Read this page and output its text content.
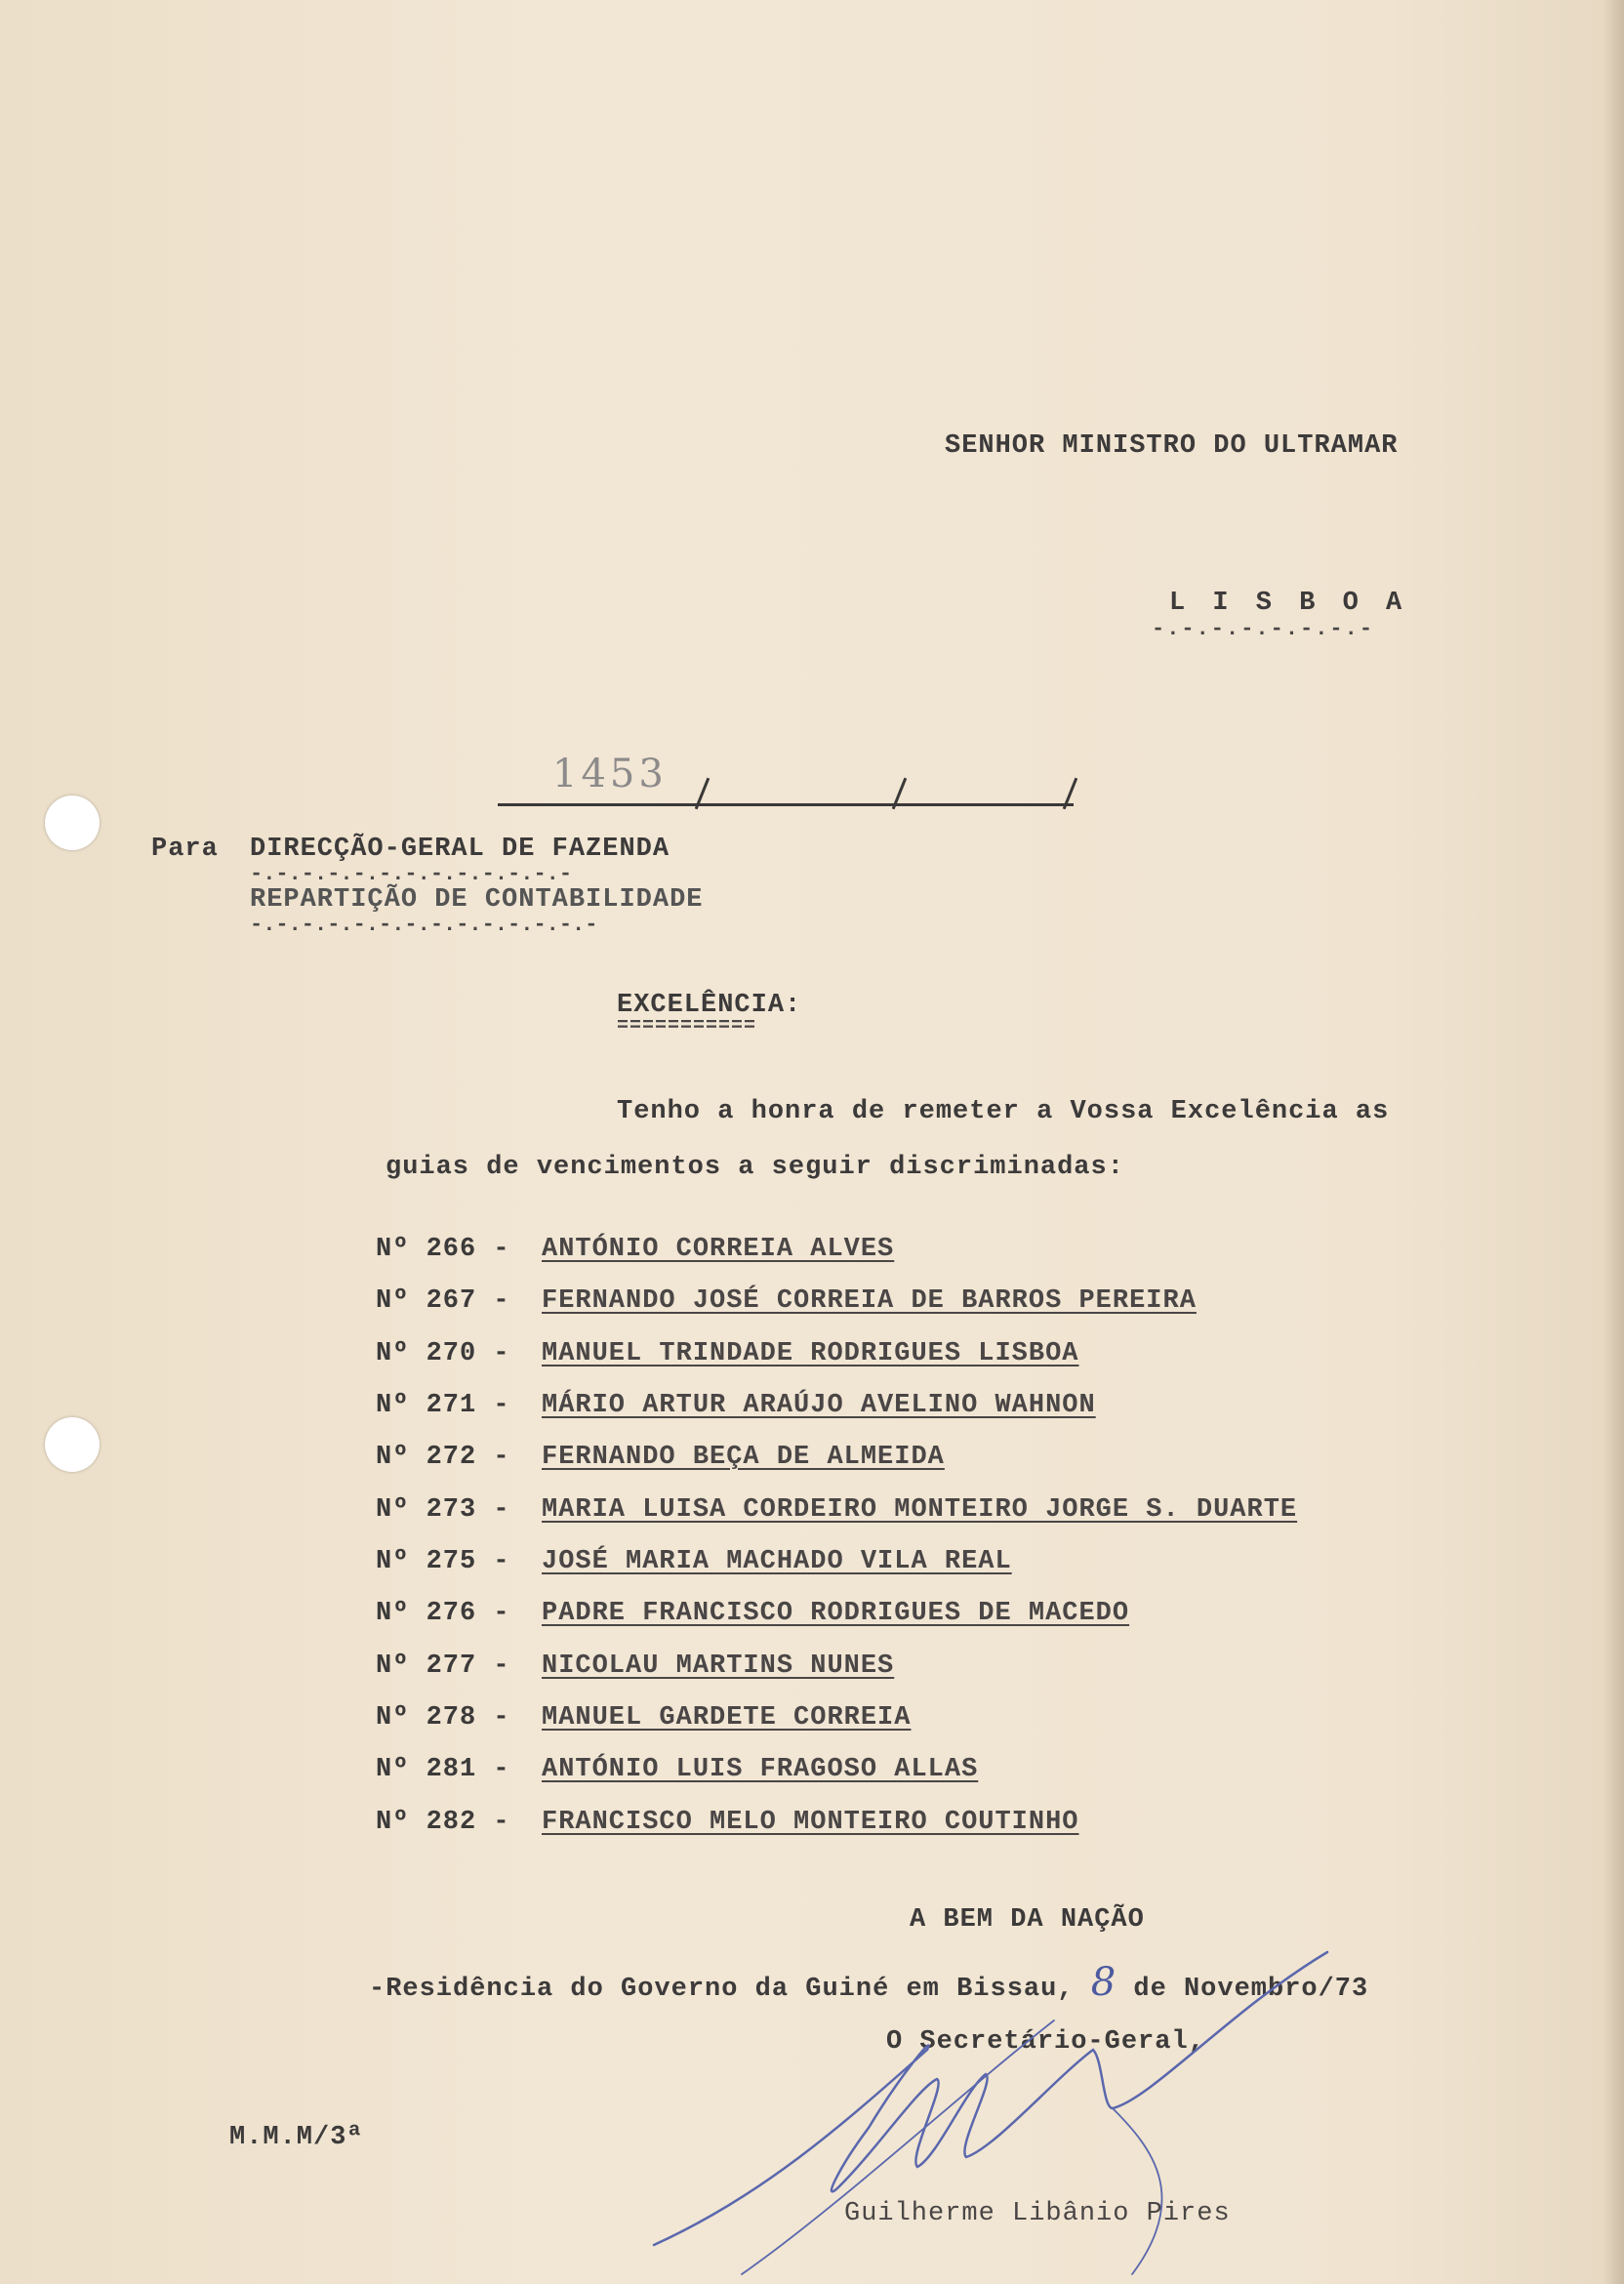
SENHOR MINISTRO DO ULTRAMAR
L I S B O A
-.-.-.-.-.-.-.-
1453
Para DIRECÇÃO-GERAL DE FAZENDA
-.-.-.-.-.-.-.-.-.-.-.-.-
REPARTIÇÃO DE CONTABILIDADE
-.-.-.-.-.-.-.-.-.-.-.-.-.-
EXCELÊNCIA:
===========
Tenho a honra de remeter a Vossa Excelência as
guias de vencimentos a seguir discriminadas:
Nº 266 - ANTÓNIO CORREIA ALVES
Nº 267 - FERNANDO JOSÉ CORREIA DE BARROS PEREIRA
Nº 270 - MANUEL TRINDADE RODRIGUES LISBOA
Nº 271 - MÁRIO ARTUR ARAÚJO AVELINO WAHNON
Nº 272 - FERNANDO BEÇA DE ALMEIDA
Nº 273 - MARIA LUISA CORDEIRO MONTEIRO JORGE S. DUARTE
Nº 275 - JOSÉ MARIA MACHADO VILA REAL
Nº 276 - PADRE FRANCISCO RODRIGUES DE MACEDO
Nº 277 - NICOLAU MARTINS NUNES
Nº 278 - MANUEL GARDETE CORREIA
Nº 281 - ANTÓNIO LUIS FRAGOSO ALLAS
Nº 282 - FRANCISCO MELO MONTEIRO COUTINHO
A BEM DA NAÇÃO
-Residência do Governo da Guiné em Bissau, 8 de Novembro/73
O Secretário-Geral,
Guilherme Libânio Pires
M.M.M/3ª
